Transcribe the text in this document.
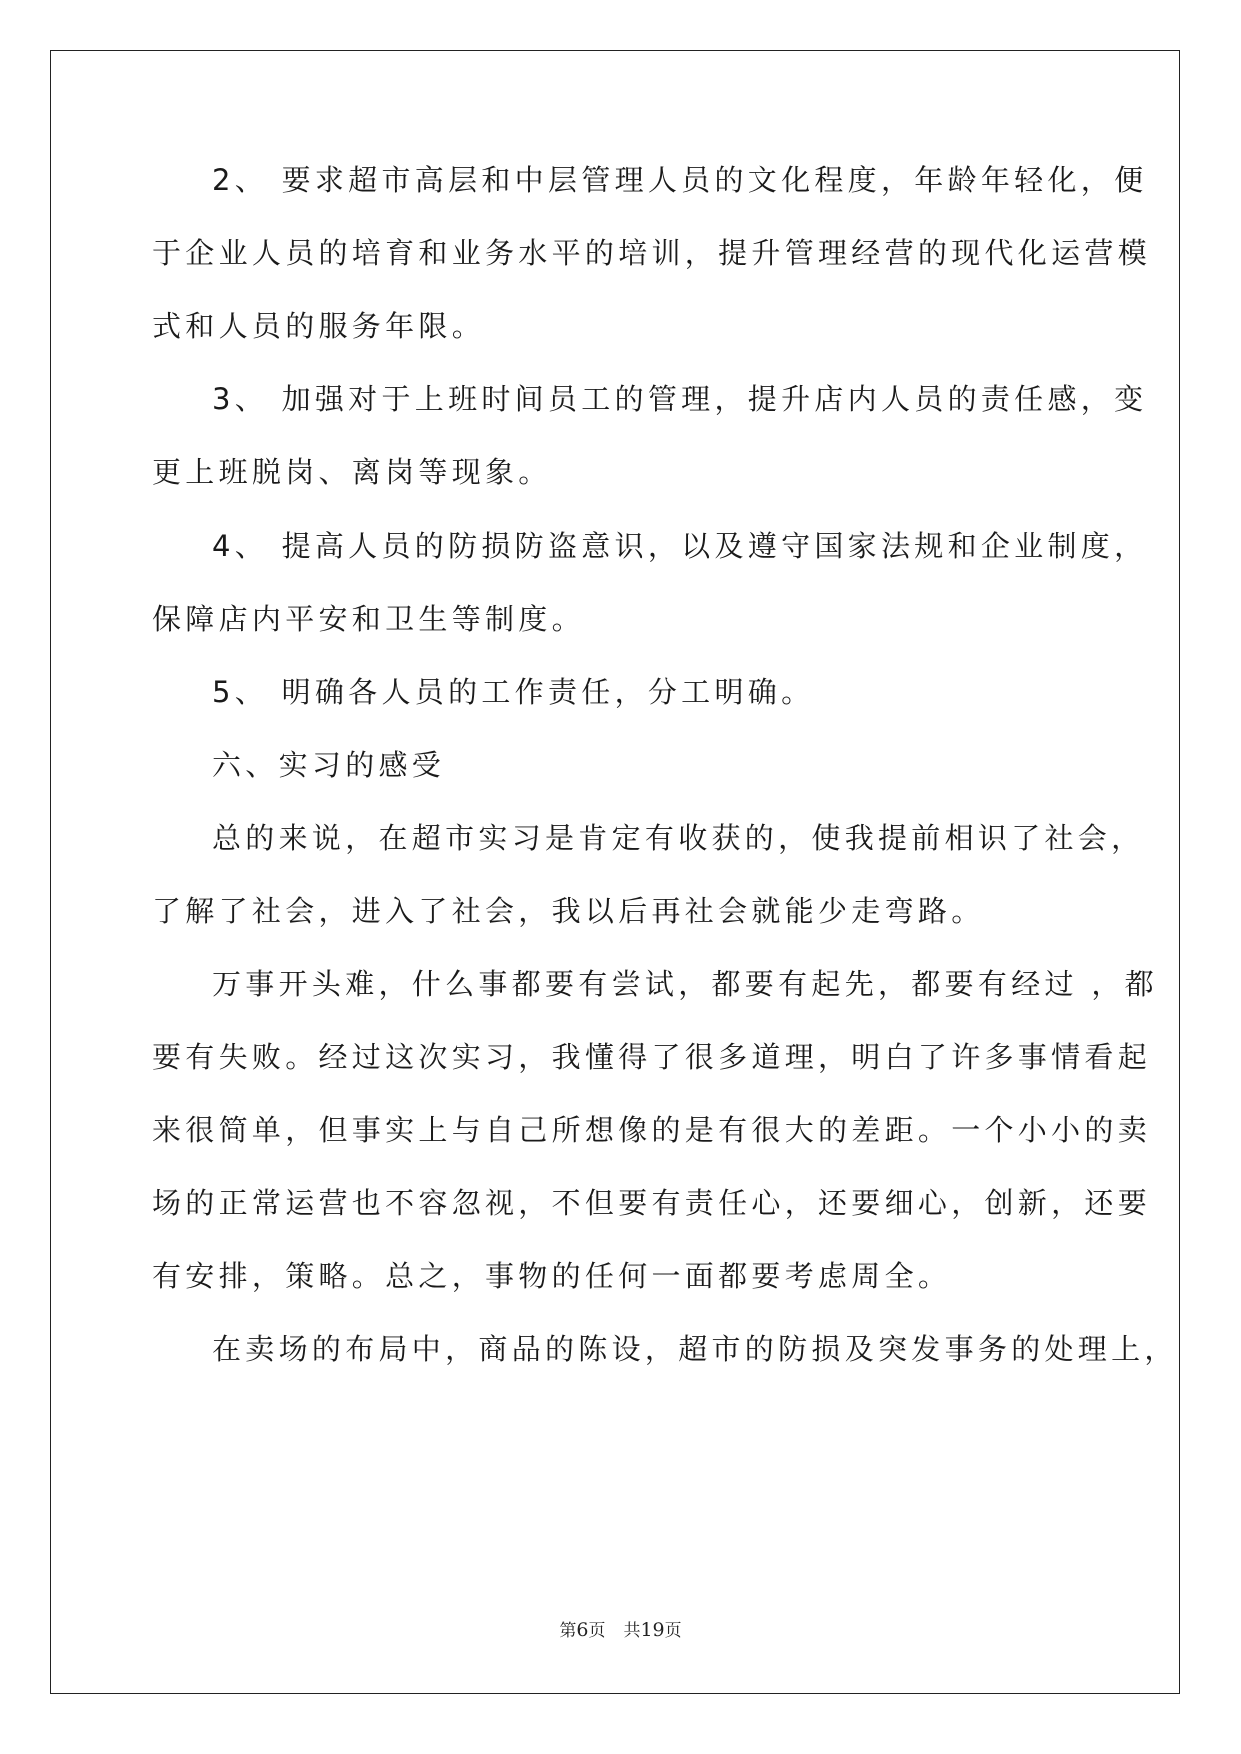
2、 要求超市高层和中层管理人员的文化程度，年龄年轻化，便
于企业人员的培育和业务水平的培训，提升管理经营的现代化运营模
式和人员的服务年限。
3、 加强对于上班时间员工的管理，提升店内人员的责任感，变
更上班脱岗、离岗等现象。
4、 提高人员的防损防盗意识，以及遵守国家法规和企业制度，
保障店内平安和卫生等制度。
5、 明确各人员的工作责任，分工明确。
六、实习的感受
总的来说，在超市实习是肯定有收获的，使我提前相识了社会，
了解了社会，进入了社会，我以后再社会就能少走弯路。
万事开头难，什么事都要有尝试，都要有起先，都要有经过 ，都
要有失败。经过这次实习，我懂得了很多道理，明白了许多事情看起
来很简单，但事实上与自己所想像的是有很大的差距。一个小小的卖
场的正常运营也不容忽视，不但要有责任心，还要细心，创新，还要
有安排，策略。总之，事物的任何一面都要考虑周全。
在卖场的布局中，商品的陈设，超市的防损及突发事务的处理上，
第6页 共19页
